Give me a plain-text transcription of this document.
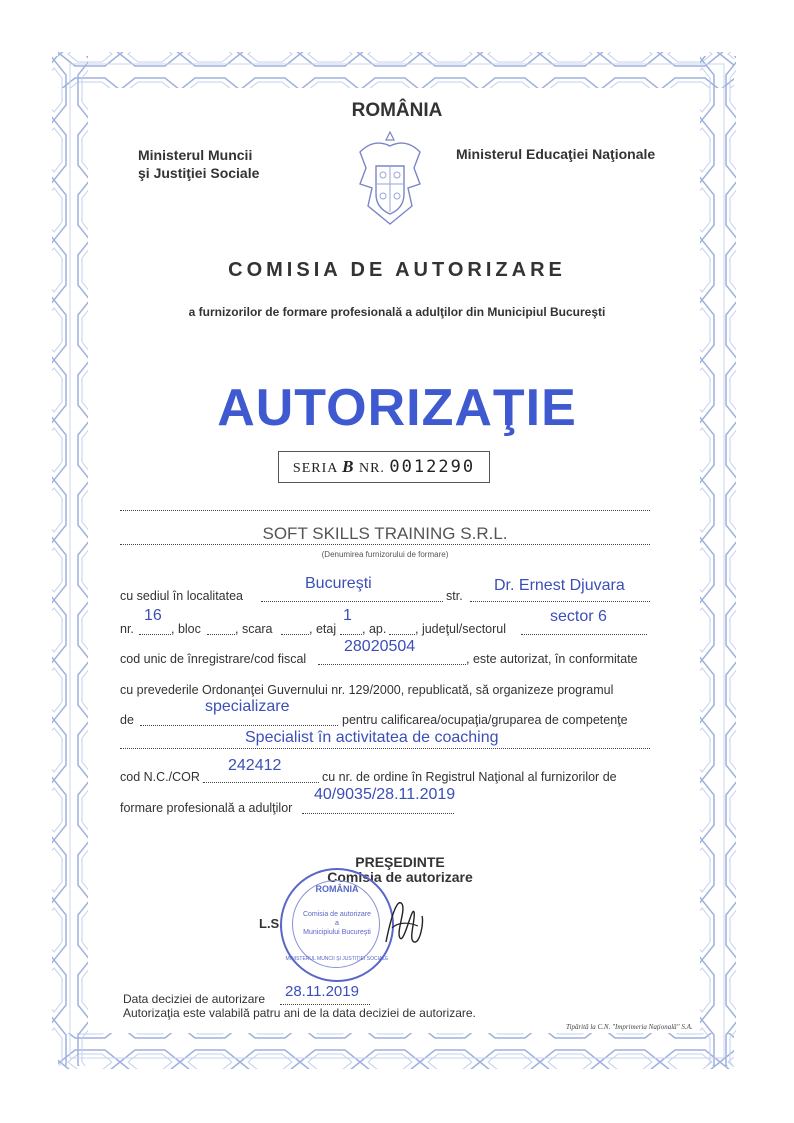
ROMÂNIA
Ministerul Muncii
şi Justiţiei Sociale
Ministerul Educaţiei Naţionale
COMISIA DE AUTORIZARE
a furnizorilor de formare profesională a adulţilor din Municipiul Bucureşti
AUTORIZAŢIE
SERIA B NR. 0012290
SOFT SKILLS TRAINING S.R.L.
(Denumirea furnizorului de formare)
cu sediul în localitatea
Bucureşti
str.
Dr. Ernest Djuvara
nr.
16
, bloc	, scara	, etaj
1
, ap. , judeţul/sectorul
sector 6
cod unic de înregistrare/cod fiscal
28020504
, este autorizat, în conformitate
cu prevederile Ordonanţei Guvernului nr. 129/2000, republicată, să organizeze programul
de
specializare
pentru calificarea/ocupaţia/gruparea de competenţe
Specialist în activitatea de coaching
cod N.C./COR
242412
cu nr. de ordine în Registrul Naţional al furnizorilor de
formare profesională a adulţilor
40/9035/28.11.2019
PREŞEDINTE
Comisia de autorizare
L.S.
ROMÂNIA
Comisia de autorizare
a
Municipiului Bucureşti
MINISTERUL MUNCII ŞI JUSTIŢIEI SOCIALE
Data deciziei de autorizare 28.11.2019
Autorizaţia este valabilă patru ani de la data deciziei de autorizare.
Tipărită la C.N. "Imprimeria Naţională" S.A.
